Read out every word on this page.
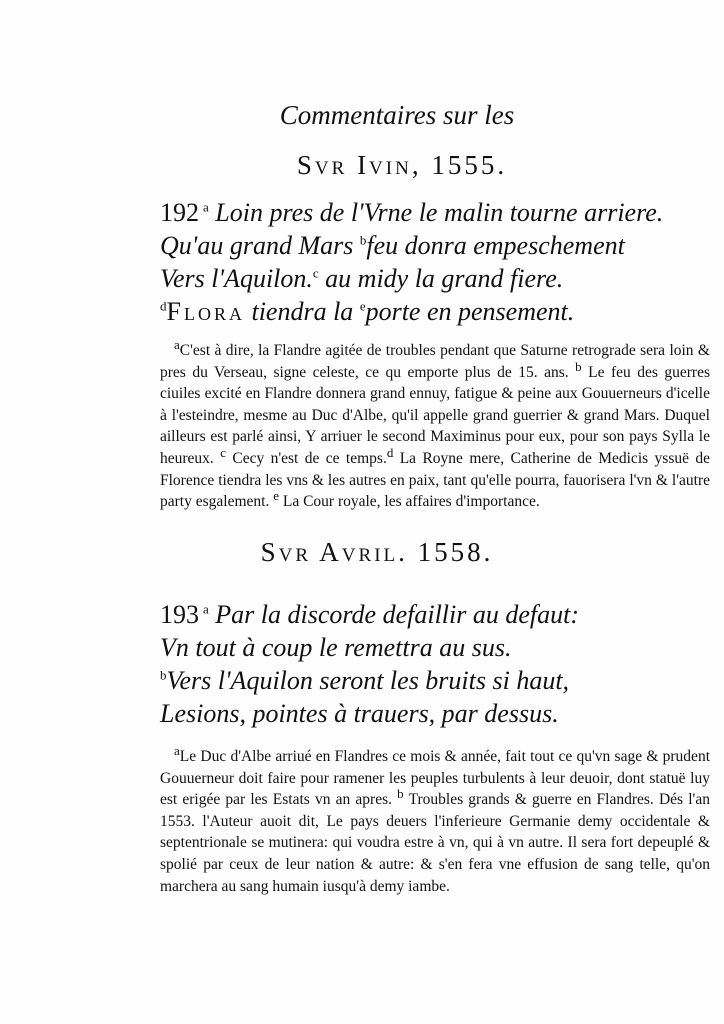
Commentaires sur les
Svr Ivin, 1555.
192 $^a$ Loin pres de l'Vrne le malin tourne arriere.
Qu'au grand Mars $^b$feu donra empeschement
Vers l'Aquilon.$^c$ au midy la grand fiere.
$^d$Flora tiendra la $^e$porte en pensement.
$^a$C'est à dire, la Flandre agitée de troubles pendant que Saturne retrograde sera loin & pres du Verseau, signe celeste, ce qu emporte plus de 15. ans. $^b$ Le feu des guerres ciuiles excité en Flandre donnera grand ennuy, fatigue & peine aux Gouuerneurs d'icelle à l'esteindre, mesme au Duc d'Albe, qu'il appelle grand guerrier & grand Mars. Duquel ailleurs est parlé ainsi, Y arriuer le second Maximinus pour eux, pour son pays Sylla le heureux. $^c$ Cecy n'est de ce temps.$^d$ La Royne mere, Catherine de Medicis yssuë de Florence tiendra les vns & les autres en paix, tant qu'elle pourra, fauorisera l'vn & l'autre party esgalement. $^e$ La Cour royale, les affaires d'importance.
Svr Avril. 1558.
193 $^a$ Par la discorde defaillir au defaut:
Vn tout à coup le remettra au sus.
$^b$Vers l'Aquilon seront les bruits si haut,
Lesions, pointes à trauers, par dessus.
$^a$Le Duc d'Albe arriué en Flandres ce mois & année, fait tout ce qu'vn sage & prudent Gouuerneur doit faire pour ramener les peuples turbulents à leur deuoir, dont statuë luy est erigée par les Estats vn an apres. $^b$ Troubles grands & guerre en Flandres. Dés l'an 1553. l'Auteur auoit dit, Le pays deuers l'inferieure Germanie demy occidentale & septentrionale se mutinera: qui voudra estre à vn, qui à vn autre. Il sera fort depeuplé & spolié par ceux de leur nation & autre: & s'en fera vne effusion de sang telle, qu'on marchera au sang humain iusqu'à demy iambe.
